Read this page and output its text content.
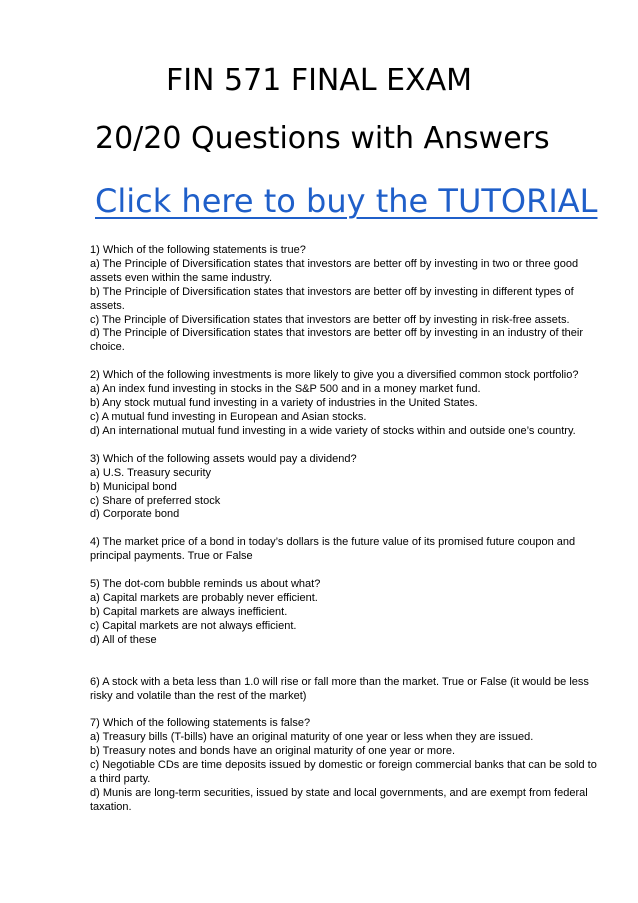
FIN 571 FINAL EXAM
20/20 Questions with Answers
Click here to buy the TUTORIAL
1) Which of the following statements is true?
a) The Principle of Diversification states that investors are better off by investing in two or three good assets even within the same industry.
b) The Principle of Diversification states that investors are better off by investing in different types of assets.
c) The Principle of Diversification states that investors are better off by investing in risk-free assets.
d) The Principle of Diversification states that investors are better off by investing in an industry of their choice.
2) Which of the following investments is more likely to give you a diversified common stock portfolio?
a) An index fund investing in stocks in the S&P 500 and in a money market fund.
b) Any stock mutual fund investing in a variety of industries in the United States.
c) A mutual fund investing in European and Asian stocks.
d) An international mutual fund investing in a wide variety of stocks within and outside one’s country.
3) Which of the following assets would pay a dividend?
a) U.S. Treasury security
b) Municipal bond
c) Share of preferred stock
d) Corporate bond
4) The market price of a bond in today’s dollars is the future value of its promised future coupon and principal payments. True or False
5) The dot-com bubble reminds us about what?
a) Capital markets are probably never efficient.
b) Capital markets are always inefficient.
c) Capital markets are not always efficient.
d) All of these
6) A stock with a beta less than 1.0 will rise or fall more than the market. True or False (it would be less risky and volatile than the rest of the market)
7) Which of the following statements is false?
a) Treasury bills (T-bills) have an original maturity of one year or less when they are issued.
b) Treasury notes and bonds have an original maturity of one year or more.
c) Negotiable CDs are time deposits issued by domestic or foreign commercial banks that can be sold to a third party.
d) Munis are long-term securities, issued by state and local governments, and are exempt from federal taxation.
